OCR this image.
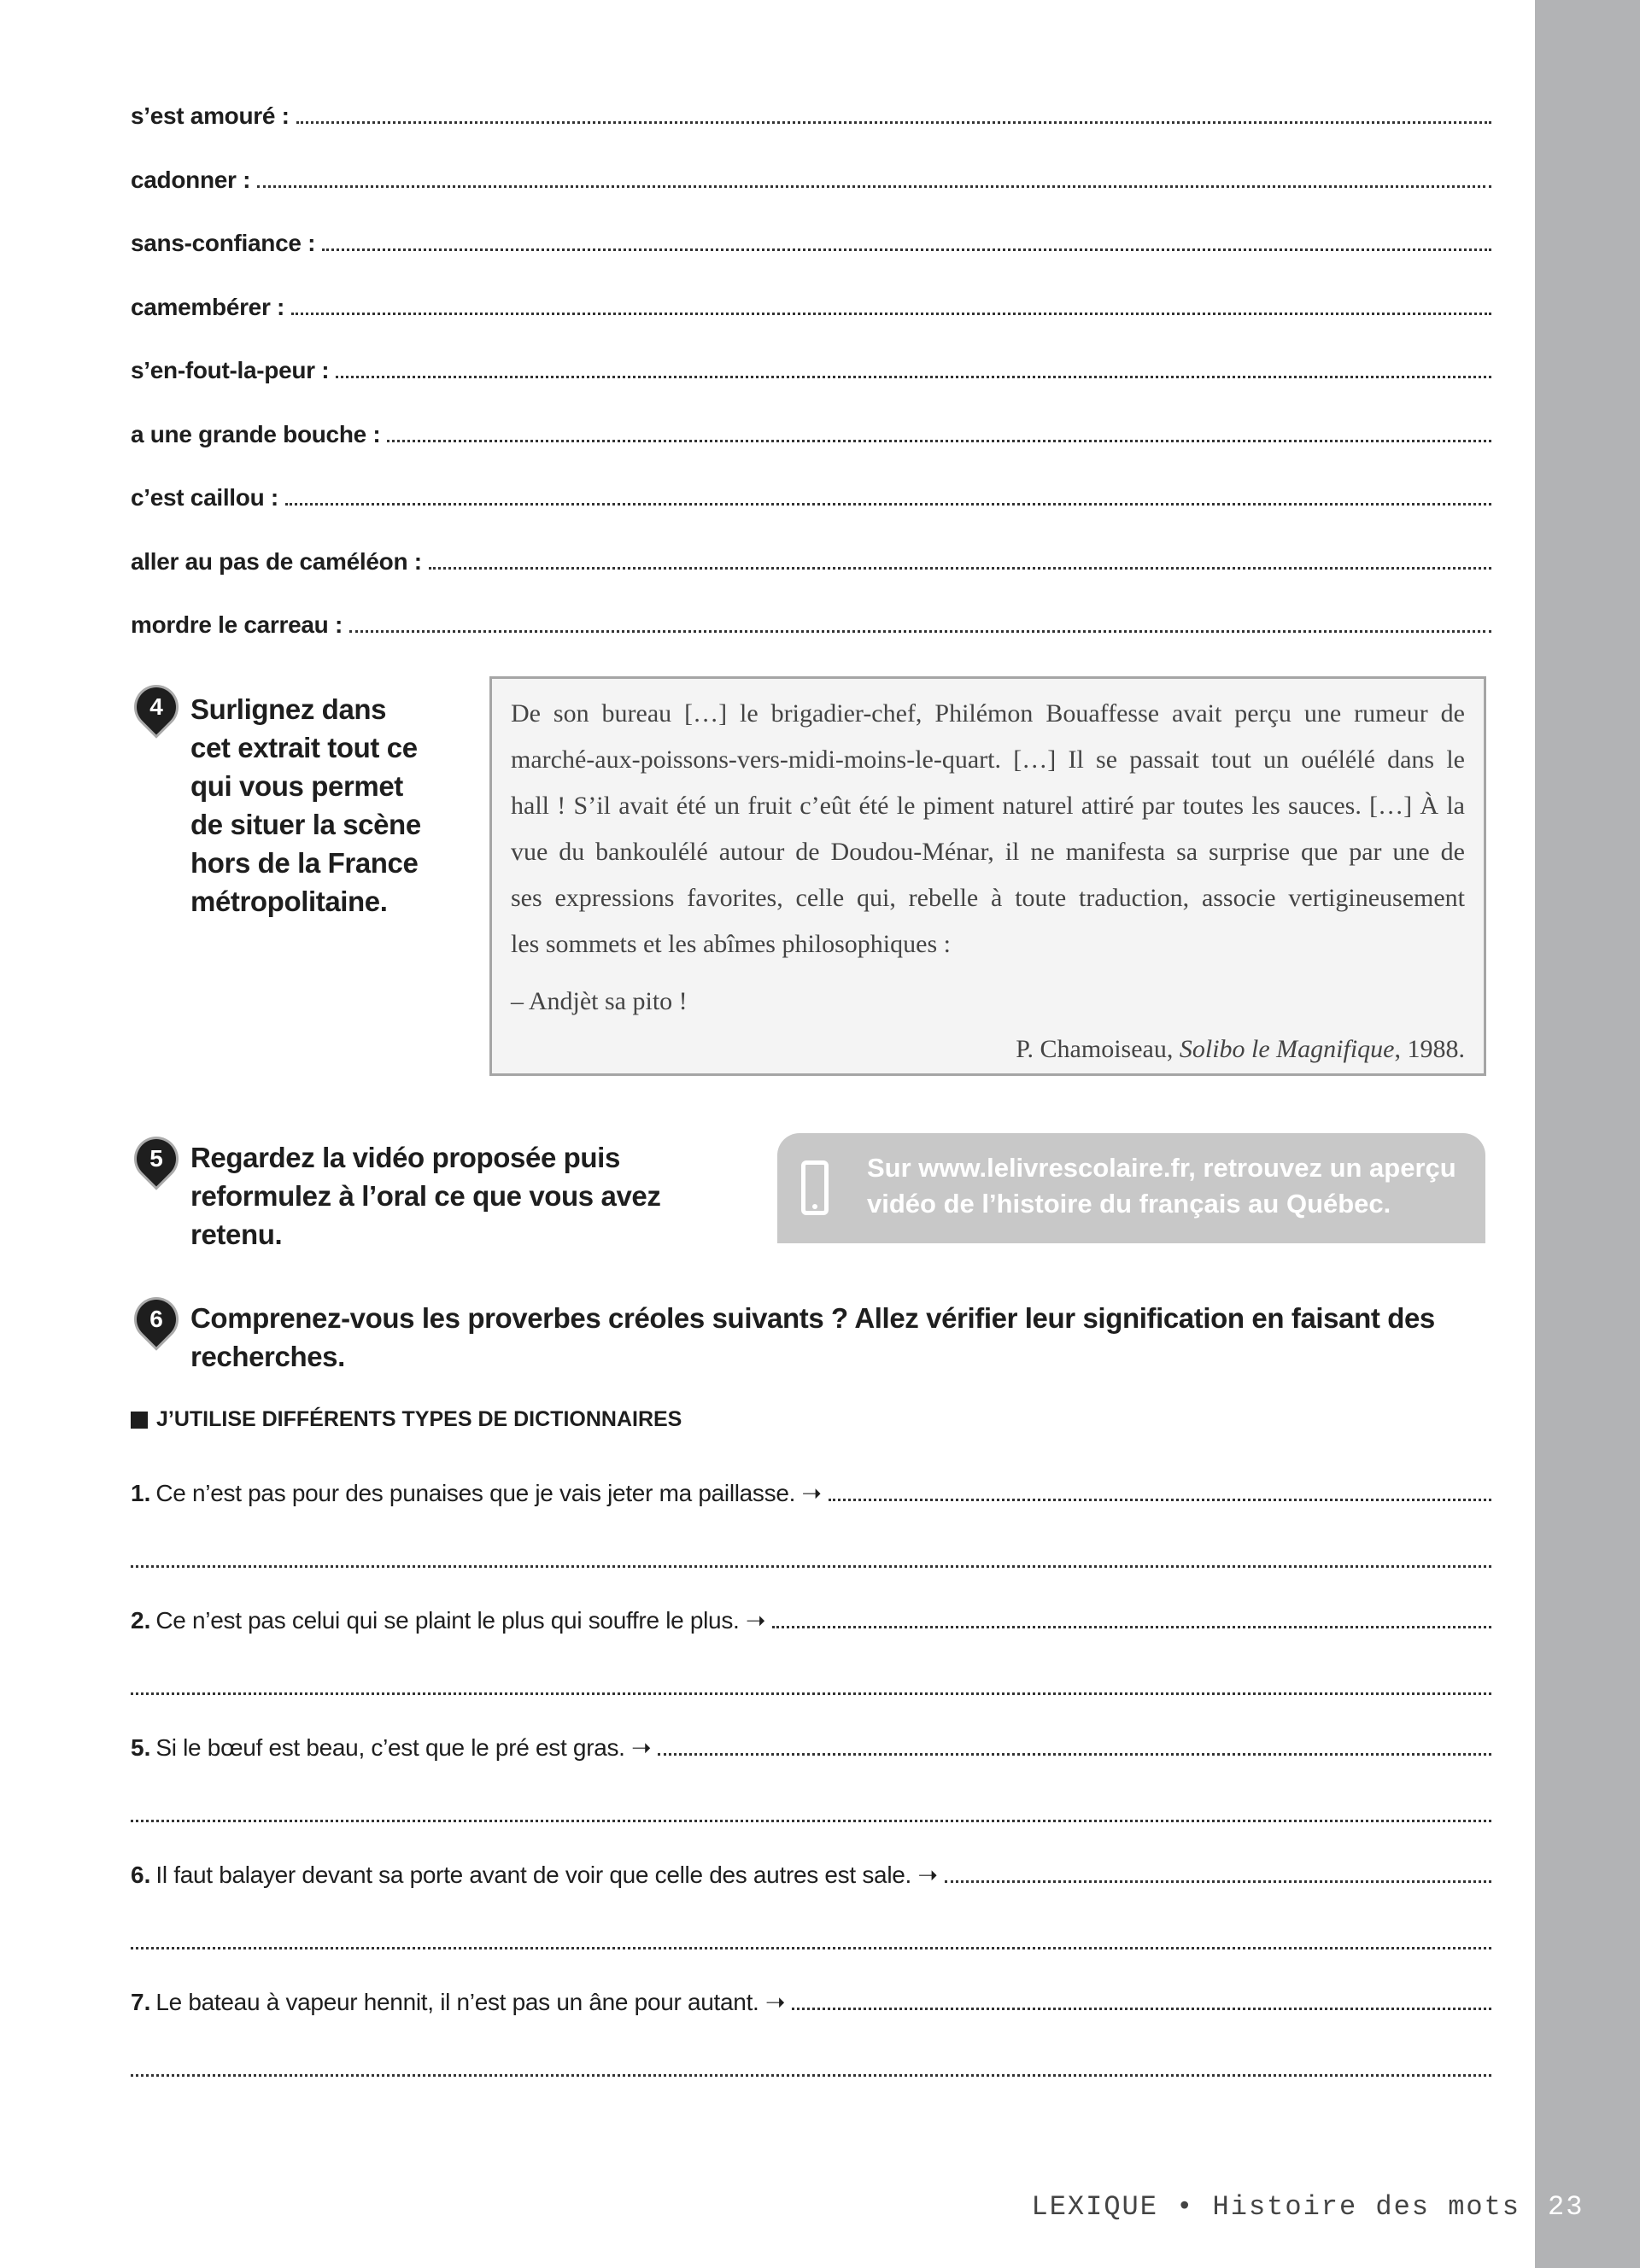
s’est amouré :
cadonner :
sans-confiance :
camembérer :
s’en-fout-la-peur :
a une grande bouche :
c’est caillou :
aller au pas de caméléon :
mordre le carreau :
4 Surlignez dans
cet extrait tout ce
qui vous permet
de situer la scène
hors de la France
métropolitaine.

De son bureau […] le brigadier-chef, Philémon Bouaffesse avait perçu une rumeur de

marché-aux-poissons-vers-midi-moins-le-quart. […] Il se passait tout un ouélélé dans le

hall ! S’il avait été un fruit c’eût été le piment naturel attiré par toutes les sauces. […] À la

vue du bankoulélé autour de Doudou-Ménar, il ne manifesta sa surprise que par une de

ses expressions favorites, celle qui, rebelle à toute traduction, associe vertigineusement

les sommets et les abîmes philosophiques :

– Andjèt sa pito !
P. Chamoiseau, Solibo le Magnifique, 1988.
5 Regardez la vidéo proposée puis
reformulez à l’oral ce que vous avez
retenu.
Sur www.lelivrescolaire.fr, retrouvez un aperçu
vidéo de l’histoire du français au Québec.
6 Comprenez-vous les proverbes créoles suivants ? Allez vérifier leur signification en faisant des
recherches.
J’UTILISE DIFFÉRENTS TYPES DE DICTIONNAIRES
1. Ce n’est pas pour des punaises que je vais jeter ma paillasse. ➝
2. Ce n’est pas celui qui se plaint le plus qui souffre le plus. ➝
5. Si le bœuf est beau, c’est que le pré est gras. ➝
6. Il faut balayer devant sa porte avant de voir que celle des autres est sale. ➝
7. Le bateau à vapeur hennit, il n’est pas un âne pour autant. ➝
LEXIQUE • Histoire des mots 23
